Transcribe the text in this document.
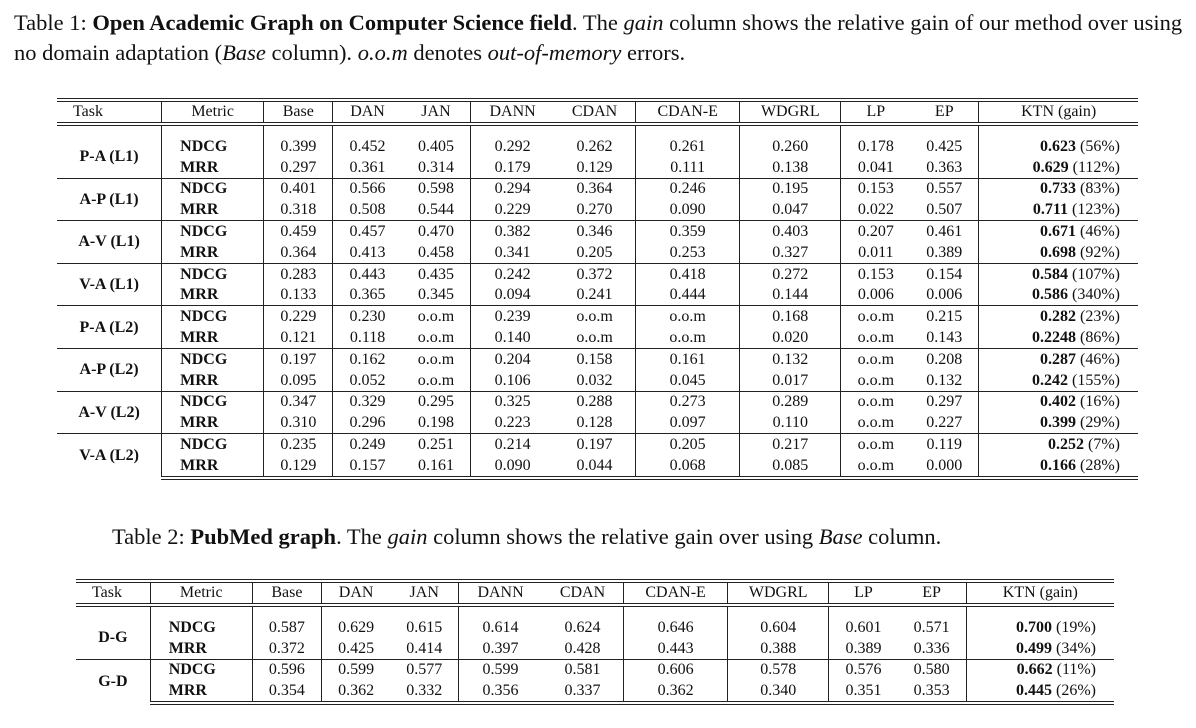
Table 1: Open Academic Graph on Computer Science field. The gain column shows the relative gain of our method over using no domain adaptation (Base column). o.o.m denotes out-of-memory errors.
Task	Metric	Base	DAN	JAN	DANN	CDAN	CDAN-E	WDGRL	LP	EP	KTN (gain)

P-A (L1)	NDCG	0.399	0.452	0.405	0.292	0.262	0.261	0.260	0.178	0.425	0.623 (56%)
	MRR	0.297	0.361	0.314	0.179	0.129	0.111	0.138	0.041	0.363	0.629 (112%)
A-P (L1)	NDCG	0.401	0.566	0.598	0.294	0.364	0.246	0.195	0.153	0.557	0.733 (83%)
	MRR	0.318	0.508	0.544	0.229	0.270	0.090	0.047	0.022	0.507	0.711 (123%)
A-V (L1)	NDCG	0.459	0.457	0.470	0.382	0.346	0.359	0.403	0.207	0.461	0.671 (46%)
	MRR	0.364	0.413	0.458	0.341	0.205	0.253	0.327	0.011	0.389	0.698 (92%)
V-A (L1)	NDCG	0.283	0.443	0.435	0.242	0.372	0.418	0.272	0.153	0.154	0.584 (107%)
	MRR	0.133	0.365	0.345	0.094	0.241	0.444	0.144	0.006	0.006	0.586 (340%)
P-A (L2)	NDCG	0.229	0.230	o.o.m	0.239	o.o.m	o.o.m	0.168	o.o.m	0.215	0.282 (23%)
	MRR	0.121	0.118	o.o.m	0.140	o.o.m	o.o.m	0.020	o.o.m	0.143	0.2248 (86%)
A-P (L2)	NDCG	0.197	0.162	o.o.m	0.204	0.158	0.161	0.132	o.o.m	0.208	0.287 (46%)
	MRR	0.095	0.052	o.o.m	0.106	0.032	0.045	0.017	o.o.m	0.132	0.242 (155%)
A-V (L2)	NDCG	0.347	0.329	0.295	0.325	0.288	0.273	0.289	o.o.m	0.297	0.402 (16%)
	MRR	0.310	0.296	0.198	0.223	0.128	0.097	0.110	o.o.m	0.227	0.399 (29%)
V-A (L2)	NDCG	0.235	0.249	0.251	0.214	0.197	0.205	0.217	o.o.m	0.119	0.252 (7%)
	MRR	0.129	0.157	0.161	0.090	0.044	0.068	0.085	o.o.m	0.000	0.166 (28%)
Table 2: PubMed graph. The gain column shows the relative gain over using Base column.
Task	Metric	Base	DAN	JAN	DANN	CDAN	CDAN-E	WDGRL	LP	EP	KTN (gain)

D-G	NDCG	0.587	0.629	0.615	0.614	0.624	0.646	0.604	0.601	0.571	0.700 (19%)
	MRR	0.372	0.425	0.414	0.397	0.428	0.443	0.388	0.389	0.336	0.499 (34%)
G-D	NDCG	0.596	0.599	0.577	0.599	0.581	0.606	0.578	0.576	0.580	0.662 (11%)
	MRR	0.354	0.362	0.332	0.356	0.337	0.362	0.340	0.351	0.353	0.445 (26%)
